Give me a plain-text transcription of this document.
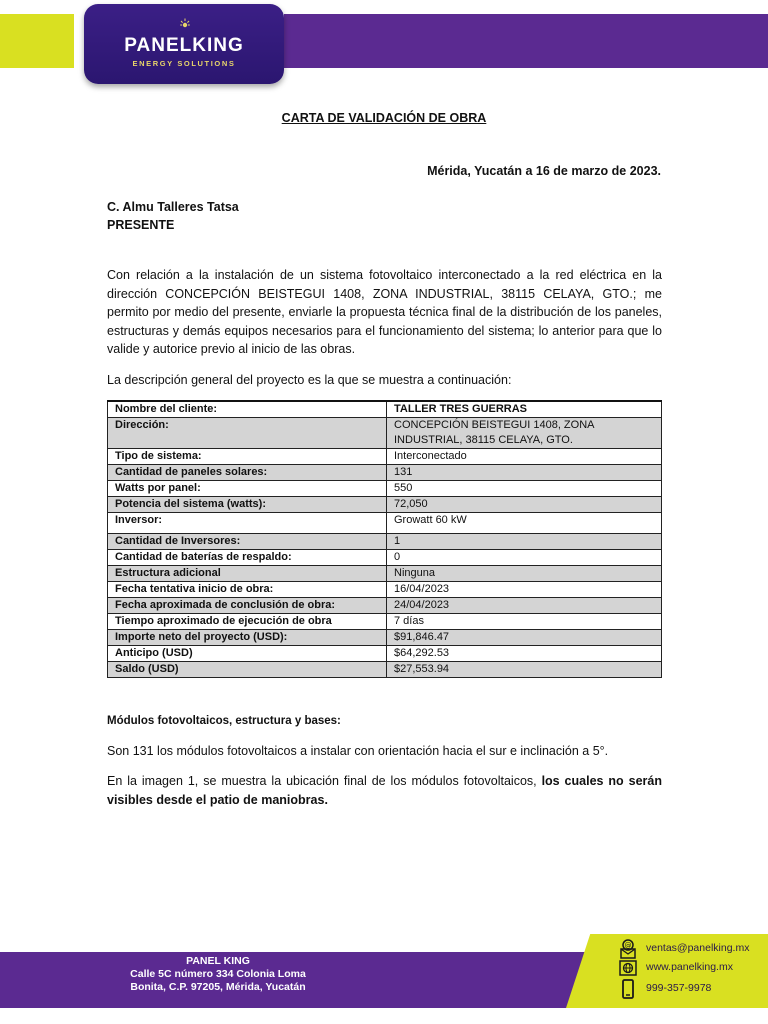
PANELKING
ENERGY SOLUTIONS
CARTA DE VALIDACIÓN DE OBRA
Mérida, Yucatán a 16 de marzo de 2023.
C. Almu Talleres Tatsa
PRESENTE
Con relación a la instalación de un sistema fotovoltaico interconectado a la red eléctrica en la dirección CONCEPCIÓN BEISTEGUI 1408, ZONA INDUSTRIAL, 38115 CELAYA, GTO.; me permito por medio del presente, enviarle la propuesta técnica final de la distribución de los paneles, estructuras y demás equipos necesarios para el funcionamiento del sistema; lo anterior para que lo valide y autorice previo al inicio de las obras.
La descripción general del proyecto es la que se muestra a continuación:
Nombre del cliente:	TALLER TRES GUERRAS
Dirección:	CONCEPCIÓN BEISTEGUI 1408, ZONA INDUSTRIAL, 38115 CELAYA, GTO.
Tipo de sistema:	Interconectado
Cantidad de paneles solares:	131
Watts por panel:	550
Potencia del sistema (watts):	72,050
Inversor:	Growatt 60 kW
Cantidad de Inversores:	1
Cantidad de baterías de respaldo:	0
Estructura adicional	Ninguna
Fecha tentativa inicio de obra:	16/04/2023
Fecha aproximada de conclusión de obra:	24/04/2023
Tiempo aproximado de ejecución de obra	7 días
Importe neto del proyecto (USD):	$91,846.47
Anticipo (USD)	$64,292.53
Saldo (USD)	$27,553.94
Módulos fotovoltaicos, estructura y bases:
Son 131 los módulos fotovoltaicos a instalar con orientación hacia el sur e inclinación a 5°.
En la imagen 1, se muestra la ubicación final de los módulos fotovoltaicos, los cuales no serán visibles desde el patio de maniobras.
PANEL KING
Calle 5C número 334 Colonia Loma
Bonita, C.P. 97205, Mérida, Yucatán
@ ventas@panelking.mx
www.panelking.mx
999-357-9978
